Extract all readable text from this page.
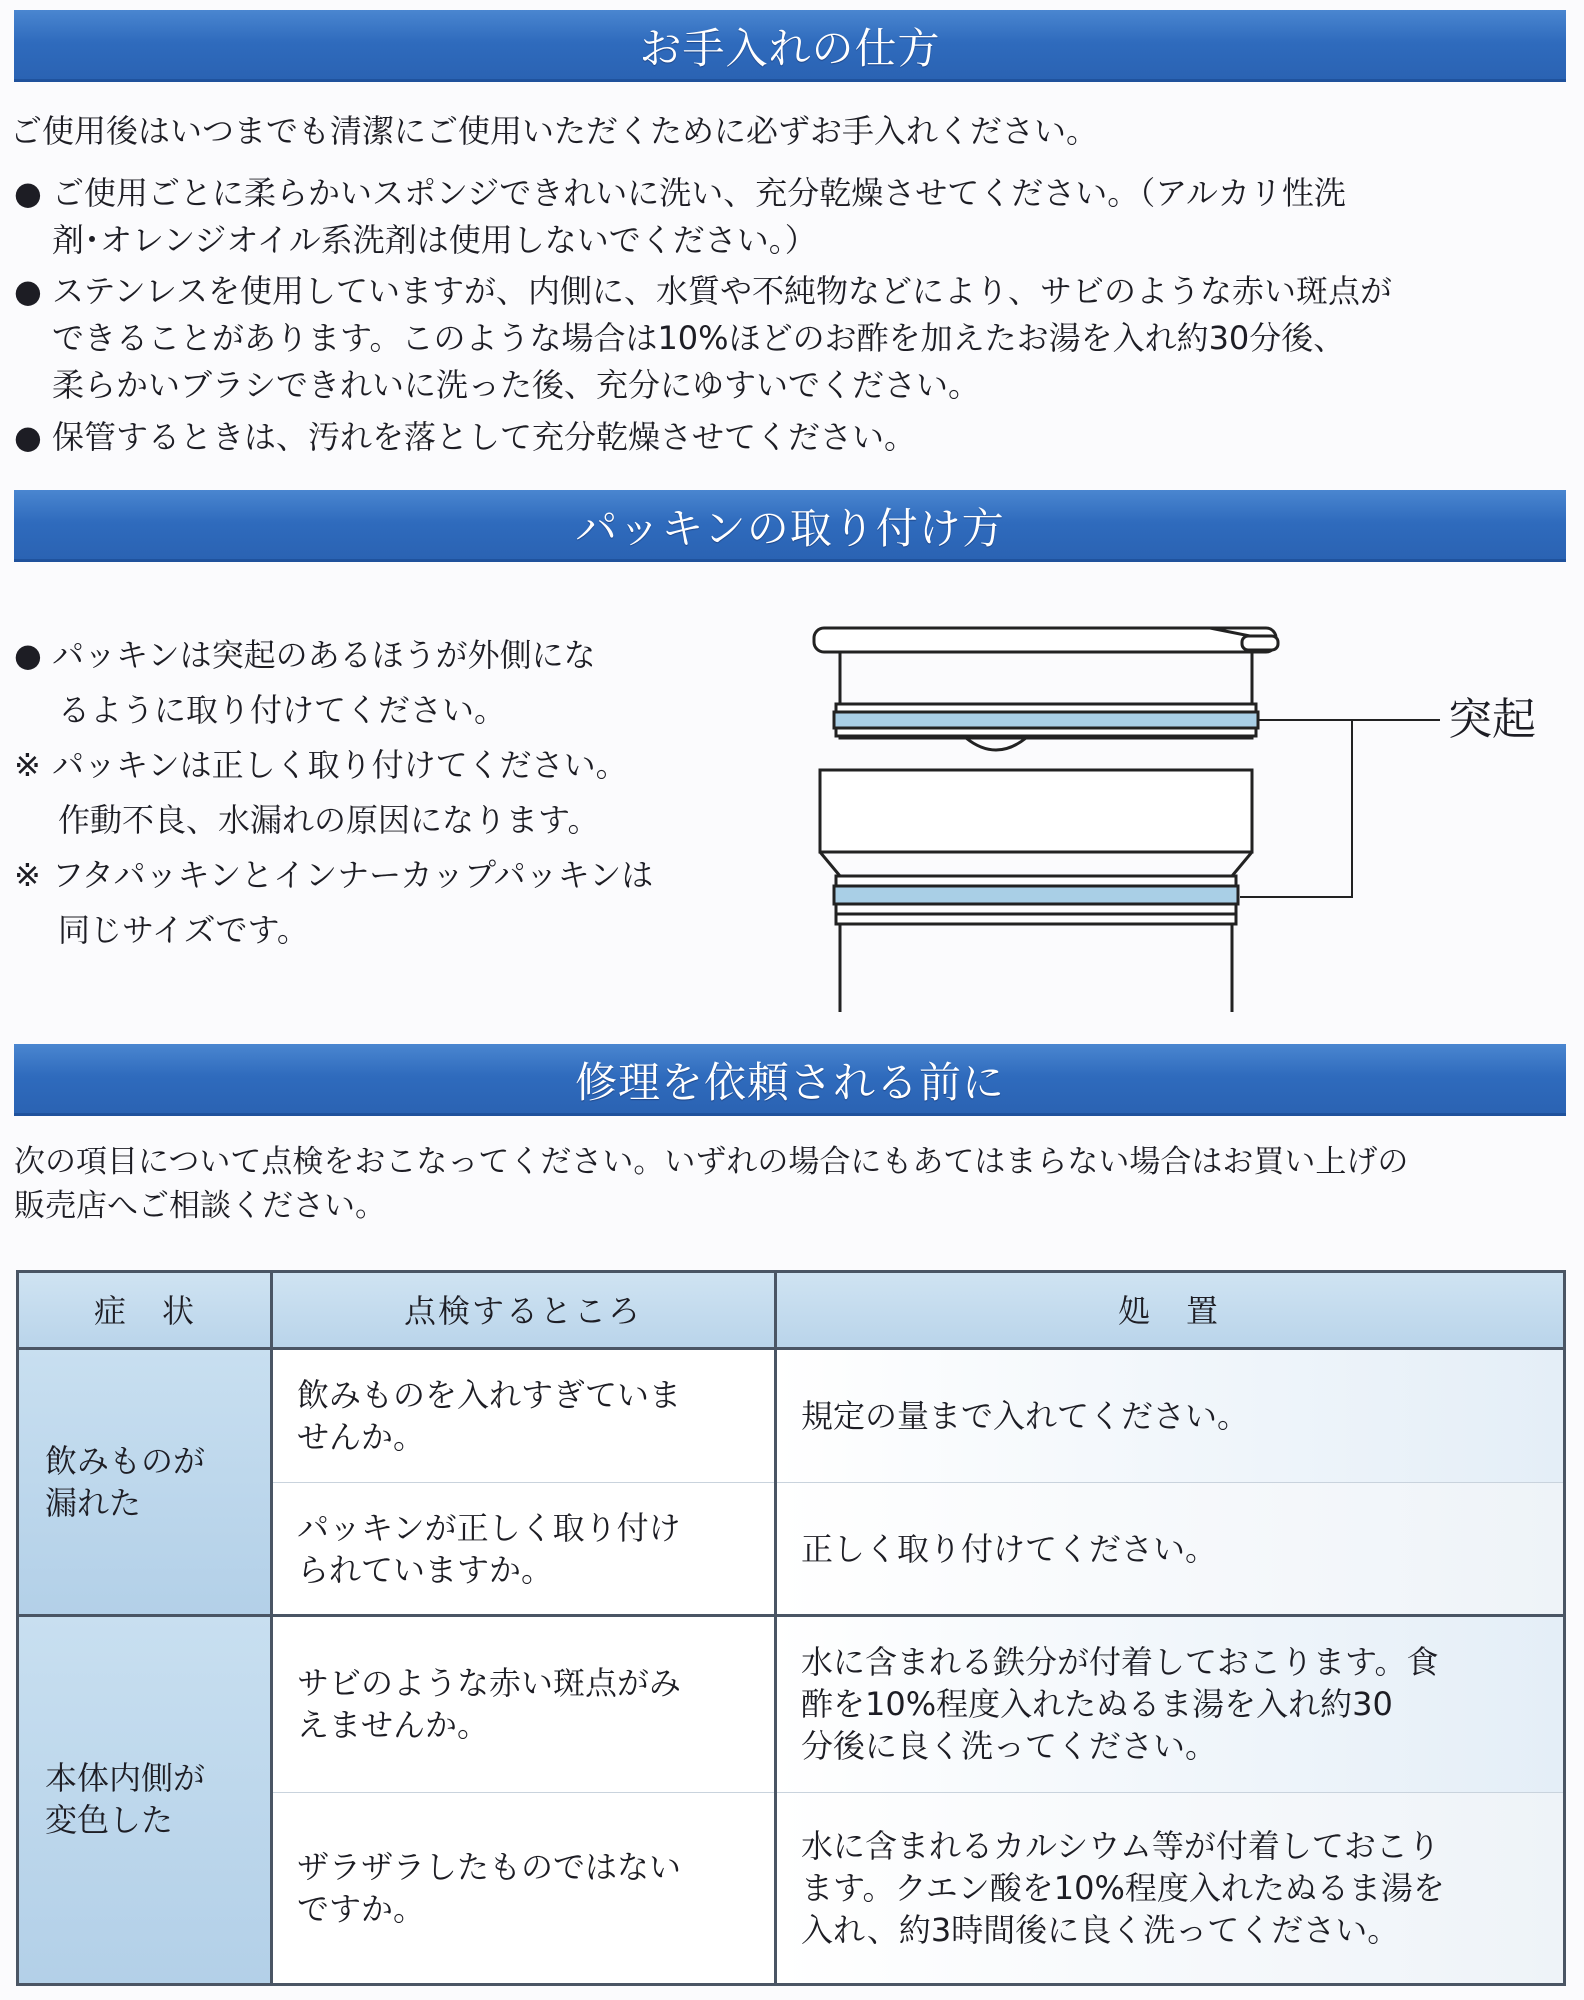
お手入れの仕方
ご使用後はいつまでも清潔にご使用いただくために必ずお手入れください。
● ご使用ごとに柔らかいスポンジできれいに洗い、充分乾燥させてください。（アルカリ性洗
剤･オレンジオイル系洗剤は使用しないでください。）
● ステンレスを使用していますが、内側に、水質や不純物などにより、サビのような赤い斑点が
できることがあります。このような場合は10%ほどのお酢を加えたお湯を入れ約30分後、
柔らかいブラシできれいに洗った後、充分にゆすいでください。
● 保管するときは、汚れを落として充分乾燥させてください。
パッキンの取り付け方
● パッキンは突起のあるほうが外側にな
るように取り付けてください。
※ パッキンは正しく取り付けてください。
作動不良、水漏れの原因になります。
※ フタパッキンとインナーカップパッキンは
同じサイズです。
突起
修理を依頼される前に
次の項目について点検をおこなってください。いずれの場合にもあてはまらない場合はお買い上げの
販売店へご相談ください。
症　状	点検するところ	処　置
飲みものが
漏れた
飲みものを入れすぎていま
せんか。
規定の量まで入れてください。
パッキンが正しく取り付け
られていますか。
正しく取り付けてください。
本体内側が
変色した
サビのような赤い斑点がみ
えませんか。
水に含まれる鉄分が付着しておこります。食
酢を10%程度入れたぬるま湯を入れ約30
分後に良く洗ってください。
ザラザラしたものではない
ですか。
水に含まれるカルシウム等が付着しておこり
ます。クエン酸を10%程度入れたぬるま湯を
入れ、約3時間後に良く洗ってください。
